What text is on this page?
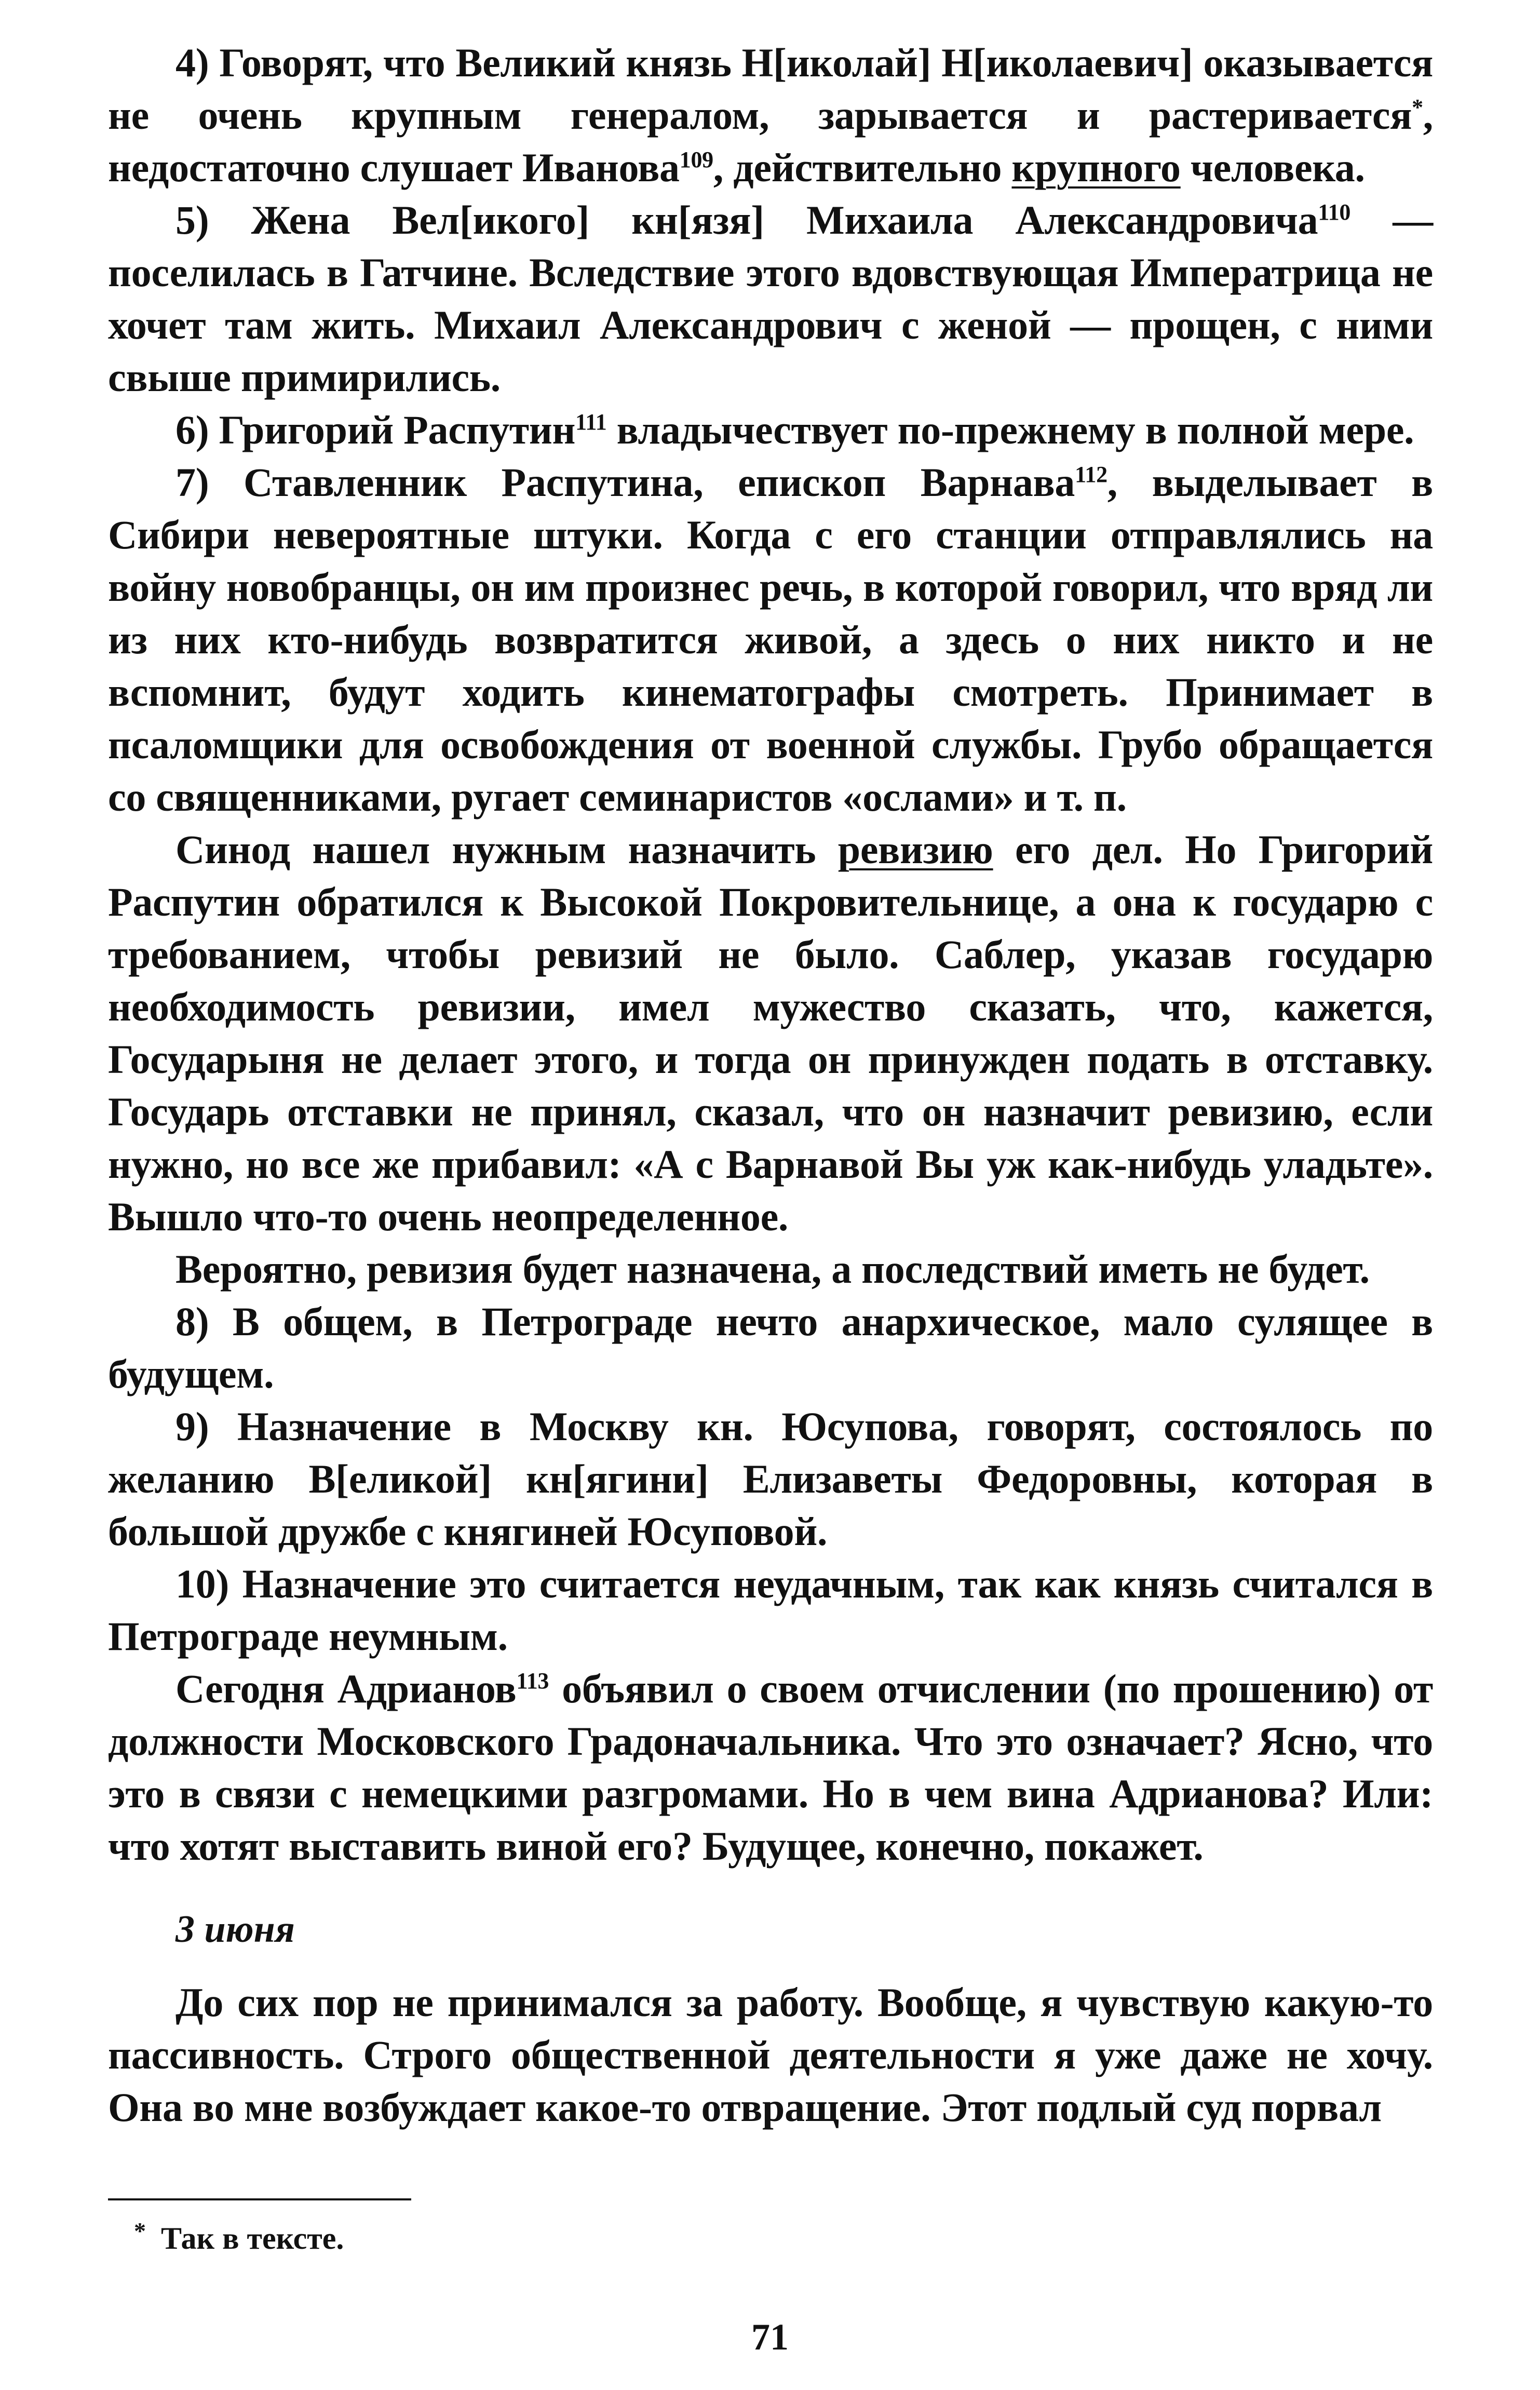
4) Говорят, что Великий князь Н[иколай] Н[иколаевич] оказывается не очень крупным генералом, зарывается и растеривается*, недостаточно слушает Иванова$^{109}$, действительно крупного человека.

5) Жена Вел[икого] кн[язя] Михаила Александровича$^{110}$ — поселилась в Гатчине. Вследствие этого вдовствующая Императрица не хочет там жить. Михаил Александрович с женой — прощен, с ними свыше примирились.

6) Григорий Распутин$^{111}$ владычествует по-прежнему в полной мере.

7) Ставленник Распутина, епископ Варнава$^{112}$, выделывает в Сибири невероятные штуки. Когда с его станции отправлялись на войну новобранцы, он им произнес речь, в которой говорил, что вряд ли из них кто-нибудь возвратится живой, а здесь о них никто и не вспомнит, будут ходить кинематографы смотреть. Принимает в псаломщики для освобождения от военной службы. Грубо обращается со священниками, ругает семинаристов «ослами» и т. п.

Синод нашел нужным назначить ревизию его дел. Но Григорий Распутин обратился к Высокой Покровительнице, а она к государю с требованием, чтобы ревизий не было. Саблер, указав государю необходимость ревизии, имел мужество сказать, что, кажется, Государыня не делает этого, и тогда он принужден подать в отставку. Государь отставки не принял, сказал, что он назначит ревизию, если нужно, но все же прибавил: «А с Варнавой Вы уж как-нибудь уладьте». Вышло что-то очень неопределенное.

Вероятно, ревизия будет назначена, а последствий иметь не будет.

8) В общем, в Петрограде нечто анархическое, мало сулящее в будущем.

9) Назначение в Москву кн. Юсупова, говорят, состоялось по желанию В[еликой] кн[ягини] Елизаветы Федоровны, которая в большой дружбе с княгиней Юсуповой.

10) Назначение это считается неудачным, так как князь считался в Петрограде неумным.

Сегодня Адрианов$^{113}$ объявил о своем отчислении (по прошению) от должности Московского Градоначальника. Что это означает? Ясно, что это в связи с немецкими разгромами. Но в чем вина Адрианова? Или: что хотят выставить виной его? Будущее, конечно, покажет.

3 июня

До сих пор не принимался за работу. Вообще, я чувствую какую-то пассивность. Строго общественной деятельности я уже даже не хочу. Она во мне возбуждает какое-то отвращение. Этот подлый суд порвал

* Так в тексте.
71
